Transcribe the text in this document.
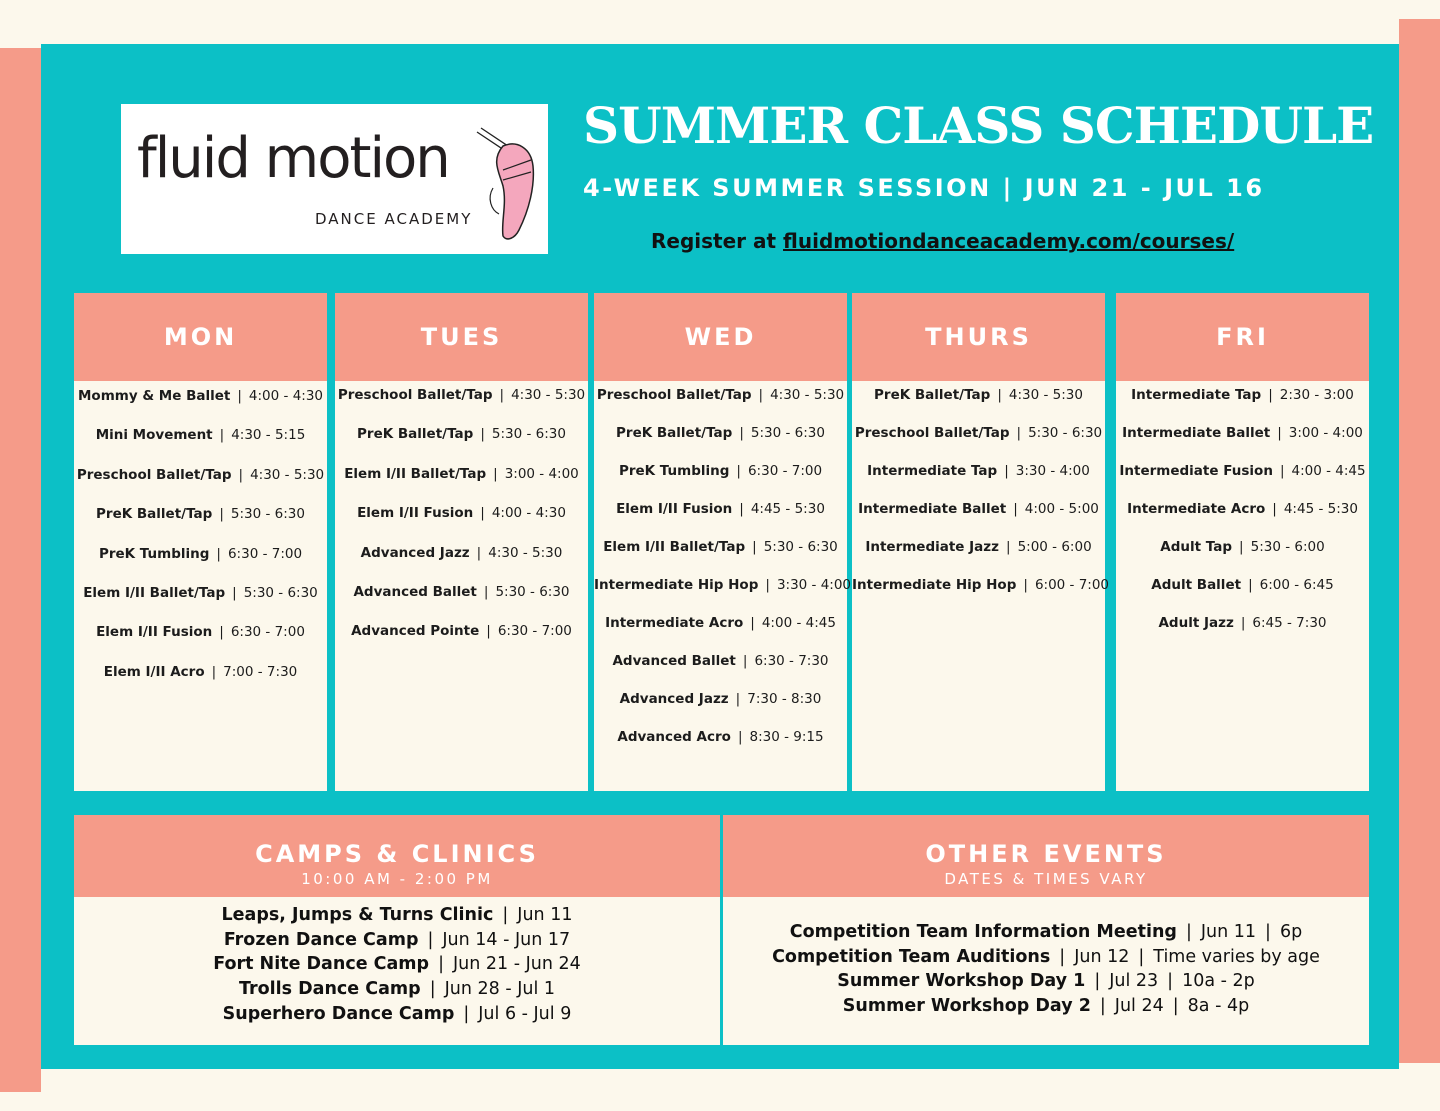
fluid motion
DANCE ACADEMY
SUMMER CLASS SCHEDULE
4-WEEK SUMMER SESSION | JUN 21 - JUL 16
Register at fluidmotiondanceacademy.com/courses/
MON
Mommy & Me Ballet | 4:00 - 4:30
Mini Movement | 4:30 - 5:15
Preschool Ballet/Tap | 4:30 - 5:30
PreK Ballet/Tap | 5:30 - 6:30
PreK Tumbling | 6:30 - 7:00
Elem I/II Ballet/Tap | 5:30 - 6:30
Elem I/II Fusion | 6:30 - 7:00
Elem I/II Acro | 7:00 - 7:30
TUES
Preschool Ballet/Tap | 4:30 - 5:30
PreK Ballet/Tap | 5:30 - 6:30
Elem I/II Ballet/Tap | 3:00 - 4:00
Elem I/II Fusion | 4:00 - 4:30
Advanced Jazz | 4:30 - 5:30
Advanced Ballet | 5:30 - 6:30
Advanced Pointe | 6:30 - 7:00
WED
Preschool Ballet/Tap | 4:30 - 5:30
PreK Ballet/Tap | 5:30 - 6:30
PreK Tumbling | 6:30 - 7:00
Elem I/II Fusion | 4:45 - 5:30
Elem I/II Ballet/Tap | 5:30 - 6:30
Intermediate Hip Hop | 3:30 - 4:00
Intermediate Acro | 4:00 - 4:45
Advanced Ballet | 6:30 - 7:30
Advanced Jazz | 7:30 - 8:30
Advanced Acro | 8:30 - 9:15
THURS
PreK Ballet/Tap | 4:30 - 5:30
Preschool Ballet/Tap | 5:30 - 6:30
Intermediate Tap | 3:30 - 4:00
Intermediate Ballet | 4:00 - 5:00
Intermediate Jazz | 5:00 - 6:00
Intermediate Hip Hop | 6:00 - 7:00
FRI
Intermediate Tap | 2:30 - 3:00
Intermediate Ballet | 3:00 - 4:00
Intermediate Fusion | 4:00 - 4:45
Intermediate Acro | 4:45 - 5:30
Adult Tap | 5:30 - 6:00
Adult Ballet | 6:00 - 6:45
Adult Jazz | 6:45 - 7:30
CAMPS & CLINICS
10:00 AM - 2:00 PM
Leaps, Jumps & Turns Clinic | Jun 11
Frozen Dance Camp | Jun 14 - Jun 17
Fort Nite Dance Camp | Jun 21 - Jun 24
Trolls Dance Camp | Jun 28 - Jul 1
Superhero Dance Camp | Jul 6 - Jul 9
OTHER EVENTS
DATES & TIMES VARY
Competition Team Information Meeting | Jun 11 | 6p
Competition Team Auditions | Jun 12 | Time varies by age
Summer Workshop Day 1 | Jul 23 | 10a - 2p
Summer Workshop Day 2 | Jul 24 | 8a - 4p
